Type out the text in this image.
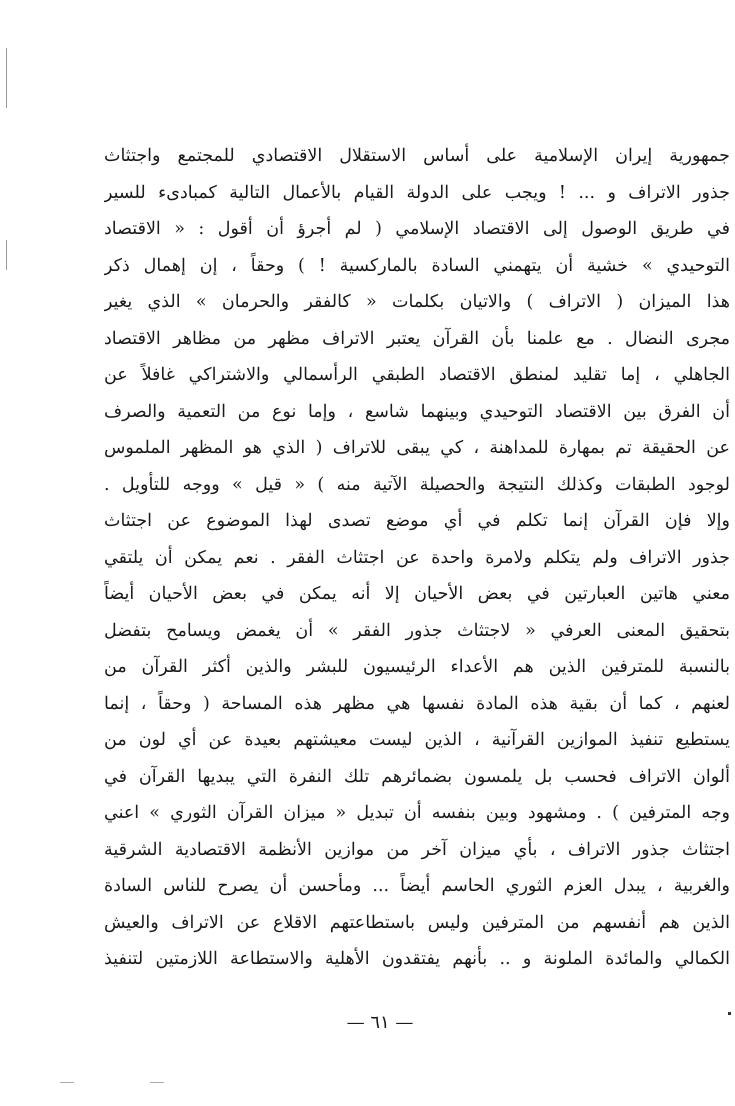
جمهورية إيران الإسلامية على أساس الاستقلال الاقتصادي للمجتمع واجتثاث
جذور الاتراف و ... ! ويجب على الدولة القيام بالأعمال التالية كمبادىء للسير
في طريق الوصول إلى الاقتصاد الإسلامي ( لم أجرؤ أن أقول : « الاقتصاد
التوحيدي » خشية أن يتهمني السادة بالماركسية ! ) وحقاً ، إن إهمال ذكر
هذا الميزان ( الاتراف ) والاتيان بكلمات « كالفقر والحرمان » الذي يغير
مجرى النضال . مع علمنا بأن القرآن يعتبر الاتراف مظهر من مظاهر الاقتصاد
الجاهلي ، إما تقليد لمنطق الاقتصاد الطبقي الرأسمالي والاشتراكي غافلاً عن
أن الفرق بين الاقتصاد التوحيدي وبينهما شاسع ، وإما نوع من التعمية والصرف
عن الحقيقة تم بمهارة للمداهنة ، كي يبقى للاتراف ( الذي هو المظهر الملموس
لوجود الطبقات وكذلك النتيجة والحصيلة الآتية منه ) « قيل » ووجه للتأويل .
وإلا فإن القرآن إنما تكلم في أي موضع تصدى لهذا الموضوع عن اجتثاث
جذور الاتراف ولم يتكلم ولامرة واحدة عن اجتثاث الفقر . نعم يمكن أن يلتقي
معني هاتين العبارتين في بعض الأحيان إلا أنه يمكن في بعض الأحيان أيضاً
بتحقيق المعنى العرفي « لاجتثاث جذور الفقر » أن يغمض ويسامح بتفضل
بالنسبة للمترفين الذين هم الأعداء الرئيسيون للبشر والذين أكثر القرآن من
لعنهم ، كما أن بقية هذه المادة نفسها هي مظهر هذه المساحة ( وحقاً ، إنما
يستطيع تنفيذ الموازين القرآنية ، الذين ليست معيشتهم بعيدة عن أي لون من
ألوان الاتراف فحسب بل يلمسون بضمائرهم تلك النفرة التي يبديها القرآن في
وجه المترفين ) . ومشهود وبين بنفسه أن تبديل « ميزان القرآن الثوري » اعني
اجتثاث جذور الاتراف ، بأي ميزان آخر من موازين الأنظمة الاقتصادية الشرقية
والغربية ، يبدل العزم الثوري الحاسم أيضاً ... ومأحسن أن يصرح للناس السادة
الذين هم أنفسهم من المترفين وليس باستطاعتهم الاقلاع عن الاتراف والعيش
الكمالي والمائدة الملونة و .. بأنهم يفتقدون الأهلية والاستطاعة اللازمتين لتنفيذ
— ٦١ —
